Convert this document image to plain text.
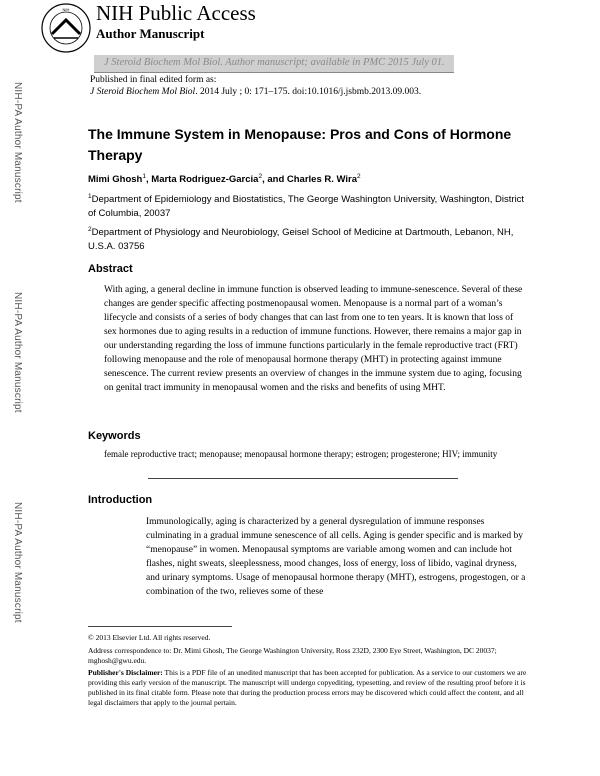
NIH NIH Public Access
Author Manuscript
J Steroid Biochem Mol Biol. Author manuscript; available in PMC 2015 July 01.
Published in final edited form as:
J Steroid Biochem Mol Biol. 2014 July ; 0: 171–175. doi:10.1016/j.jsbmb.2013.09.003.
NIH-PA Author Manuscript
NIH-PA Author Manuscript
NIH-PA Author Manuscript
The Immune System in Menopause: Pros and Cons of Hormone Therapy
Mimi Ghosh$^1$, Marta Rodriguez-Garcia$^2$, and Charles R. Wira$^2$
$^1$Department of Epidemiology and Biostatistics, The George Washington University, Washington, District of Columbia, 20037
$^2$Department of Physiology and Neurobiology, Geisel School of Medicine at Dartmouth, Lebanon, NH, U.S.A. 03756
Abstract
With aging, a general decline in immune function is observed leading to immune-senescence. Several of these changes are gender specific affecting postmenopausal women. Menopause is a normal part of a woman’s lifecycle and consists of a series of body changes that can last from one to ten years. It is known that loss of sex hormones due to aging results in a reduction of immune functions. However, there remains a major gap in our understanding regarding the loss of immune functions particularly in the female reproductive tract (FRT) following menopause and the role of menopausal hormone therapy (MHT) in protecting against immune senescence. The current review presents an overview of changes in the immune system due to aging, focusing on genital tract immunity in menopausal women and the risks and benefits of using MHT.
Keywords
female reproductive tract; menopause; menopausal hormone therapy; estrogen; progesterone; HIV; immunity
Introduction
Immunologically, aging is characterized by a general dysregulation of immune responses culminating in a gradual immune senescence of all cells. Aging is gender specific and is marked by “menopause” in women. Menopausal symptoms are variable among women and can include hot flashes, night sweats, sleeplessness, mood changes, loss of energy, loss of libido, vaginal dryness, and urinary symptoms. Usage of menopausal hormone therapy (MHT), estrogens, progestogen, or a combination of the two, relieves some of these
© 2013 Elsevier Ltd. All rights reserved.
Address correspondence to: Dr. Mimi Ghosh, The George Washington University, Ross 232D, 2300 Eye Street, Washington, DC 20037; mghosh@gwu.edu.
Publisher's Disclaimer: This is a PDF file of an unedited manuscript that has been accepted for publication. As a service to our customers we are providing this early version of the manuscript. The manuscript will undergo copyediting, typesetting, and review of the resulting proof before it is published in its final citable form. Please note that during the production process errors may be discovered which could affect the content, and all legal disclaimers that apply to the journal pertain.
